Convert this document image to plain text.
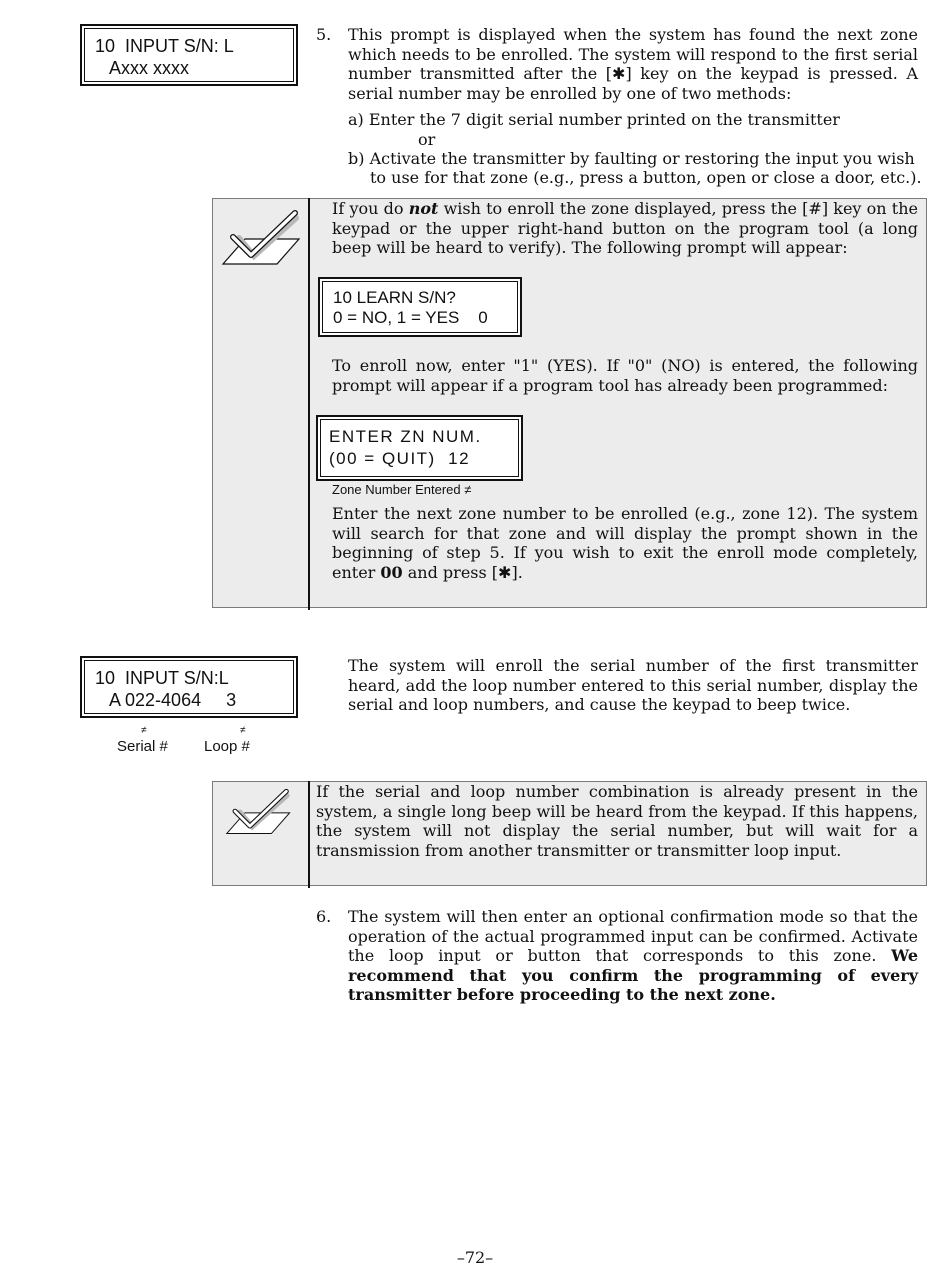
10  INPUT S/N: L
Axxx xxxx
5. This prompt is displayed when the system has found the next zone which needs to be enrolled. The system will respond to the first serial number transmitted after the [✱] key on the keypad is pressed. A serial number may be enrolled by one of two methods:
a) Enter the 7 digit serial number printed on the transmitter
or
b) Activate the transmitter by faulting or restoring the input you wish
to use for that zone (e.g., press a button, open or close a door, etc.).
If you do not wish to enroll the zone displayed, press the [#] key on the keypad or the upper right-hand button on the program tool (a long beep will be heard to verify). The following prompt will appear:
10 LEARN S/N?
0 = NO, 1 = YES    0
To enroll now, enter "1" (YES). If "0" (NO) is entered, the following prompt will appear if a program tool has already been programmed:
ENTER ZN NUM.
(00 = QUIT)  12
Zone Number Entered ≠
Enter the next zone number to be enrolled (e.g., zone 12). The system will search for that zone and will display the prompt shown in the beginning of step 5. If you wish to exit the enroll mode completely, enter 00 and press [✱].
10  INPUT S/N:L
A 022-4064     3
≠	≠
Serial # Loop #
The system will enroll the serial number of the first transmitter heard, add the loop number entered to this serial number, display the serial and loop numbers, and cause the keypad to beep twice.
If the serial and loop number combination is already present in the system, a single long beep will be heard from the keypad. If this happens, the system will not display the serial number, but will wait for a transmission from another transmitter or transmitter loop input.
6. The system will then enter an optional confirmation mode so that the operation of the actual programmed input can be confirmed. Activate the loop input or button that corresponds to this zone. We recommend that you confirm the programming of every transmitter before proceeding to the next zone.
–72–
